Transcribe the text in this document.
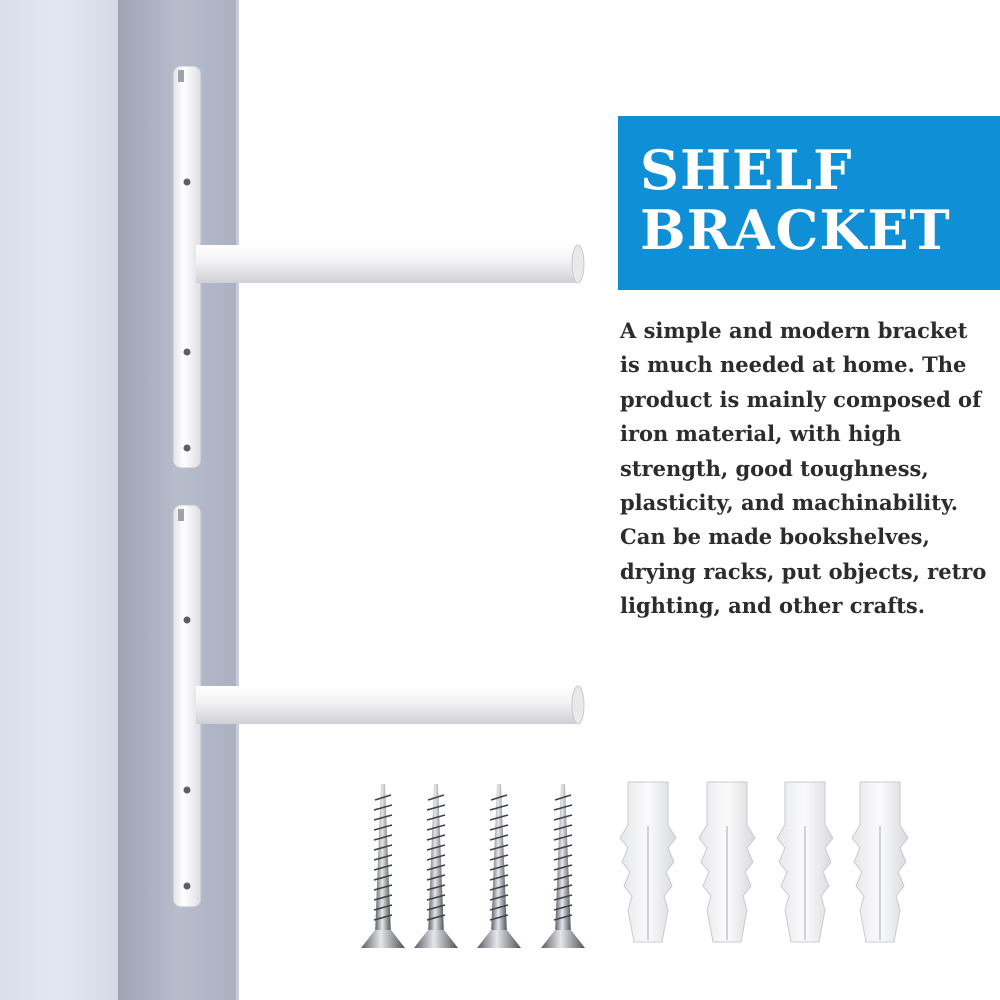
SHELF
BRACKET

A simple and modern bracket is much needed at home. The product is mainly composed of iron material, with high strength, good toughness, plasticity, and machinability. Can be made bookshelves, drying racks, put objects, retro lighting, and other crafts.
